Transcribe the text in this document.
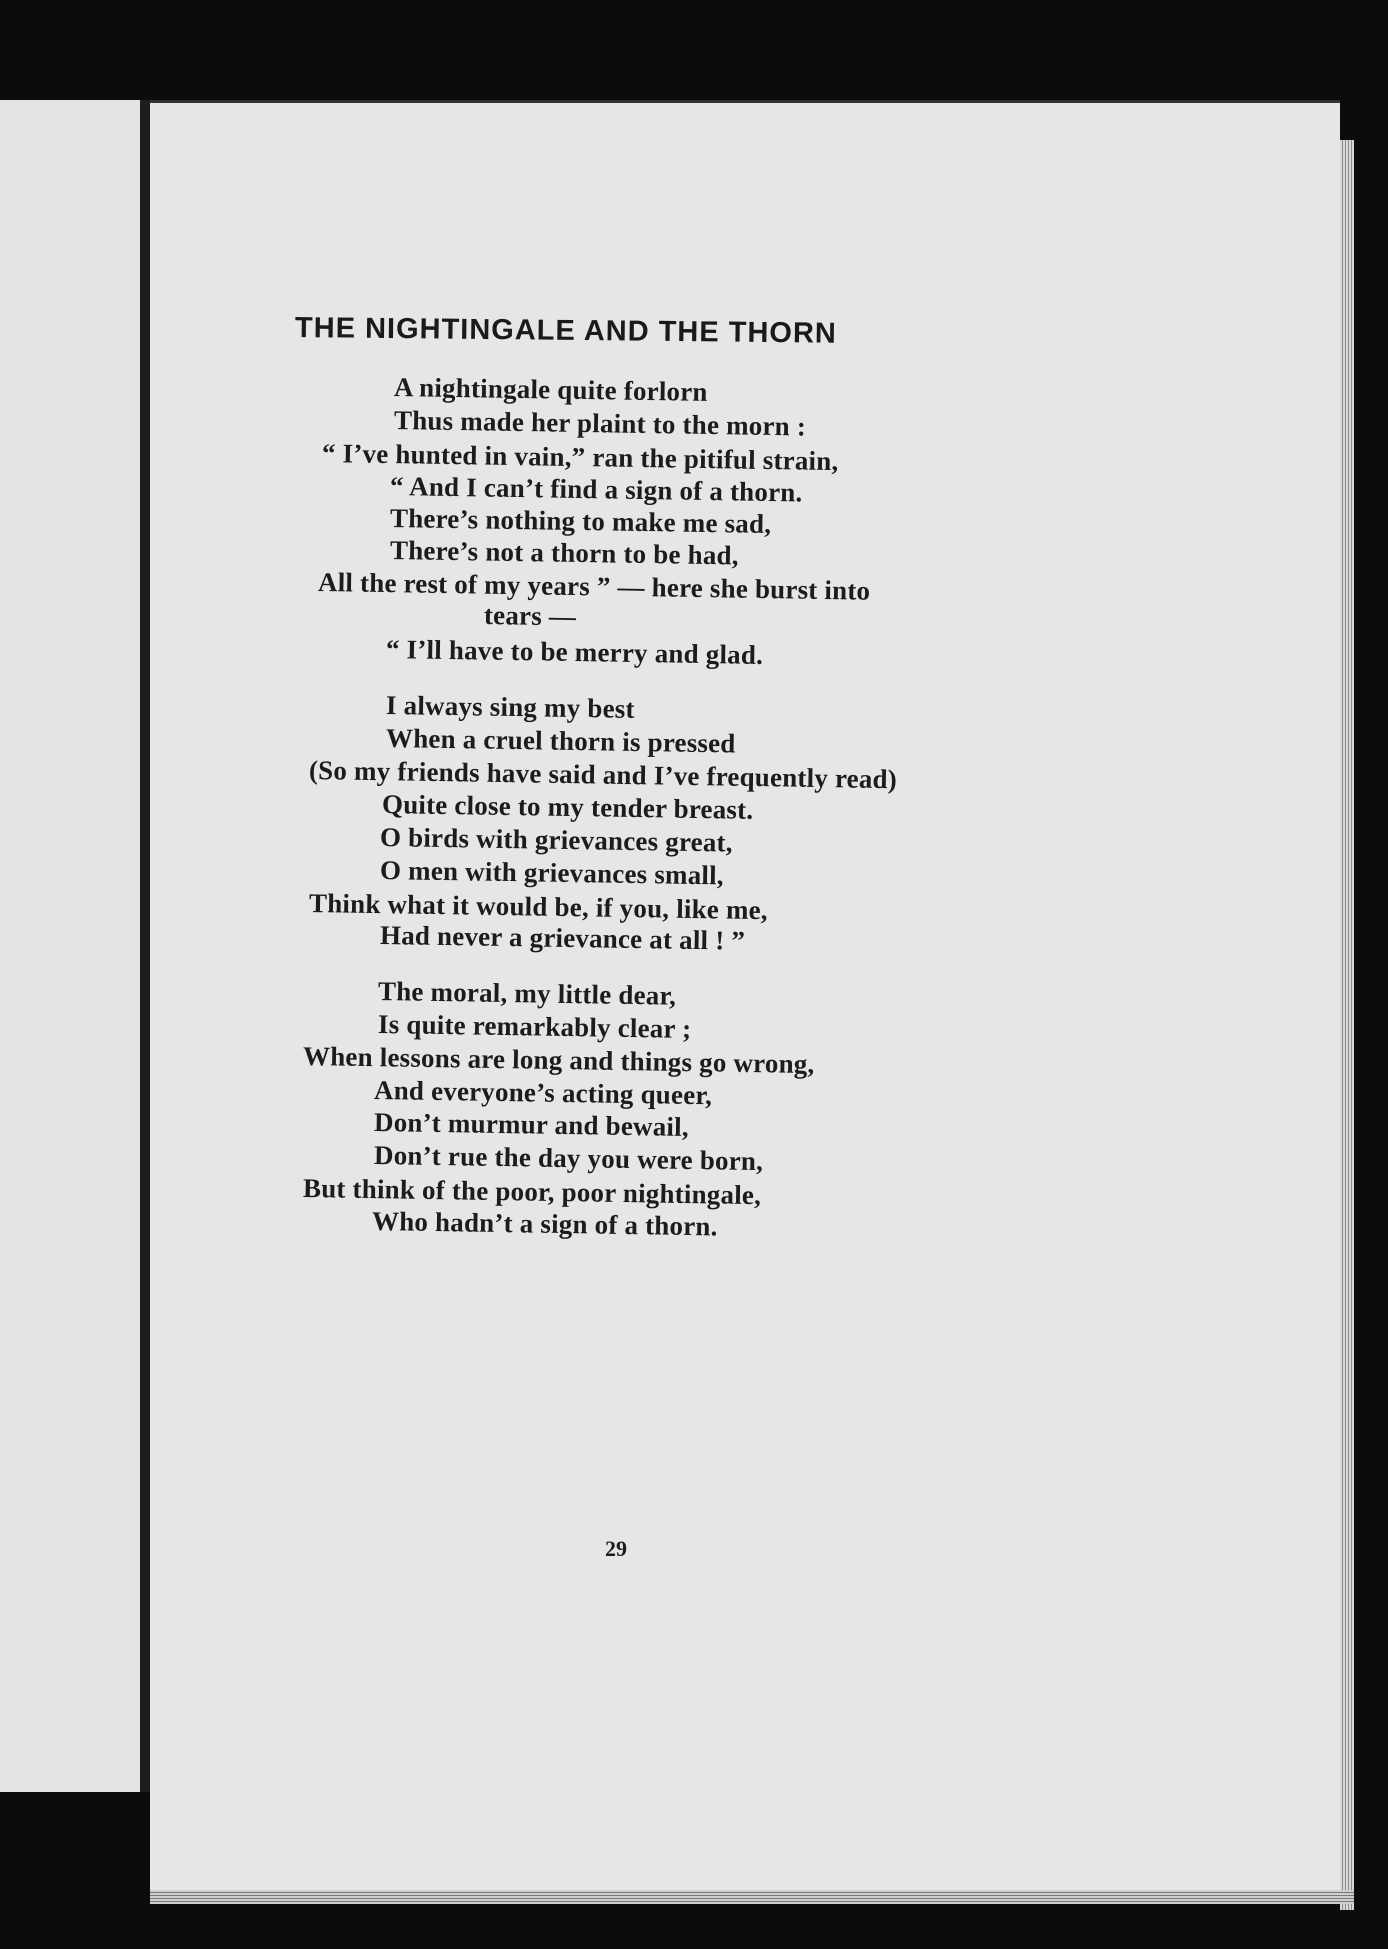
THE NIGHTINGALE AND THE THORN

A nightingale quite forlorn

Thus made her plaint to the morn :

“ I’ve hunted in vain,” ran the pitiful strain,

“ And I can’t find a sign of a thorn.

There’s nothing to make me sad,

There’s not a thorn to be had,

All the rest of my years ” — here she burst into

tears —

“ I’ll have to be merry and glad.

I always sing my best

When a cruel thorn is pressed

(So my friends have said and I’ve frequently read)

Quite close to my tender breast.

O birds with grievances great,

O men with grievances small,

Think what it would be, if you, like me,

Had never a grievance at all ! ”

The moral, my little dear,

Is quite remarkably clear ;

When lessons are long and things go wrong,

And everyone’s acting queer,

Don’t murmur and bewail,

Don’t rue the day you were born,

But think of the poor, poor nightingale,

Who hadn’t a sign of a thorn.

29
